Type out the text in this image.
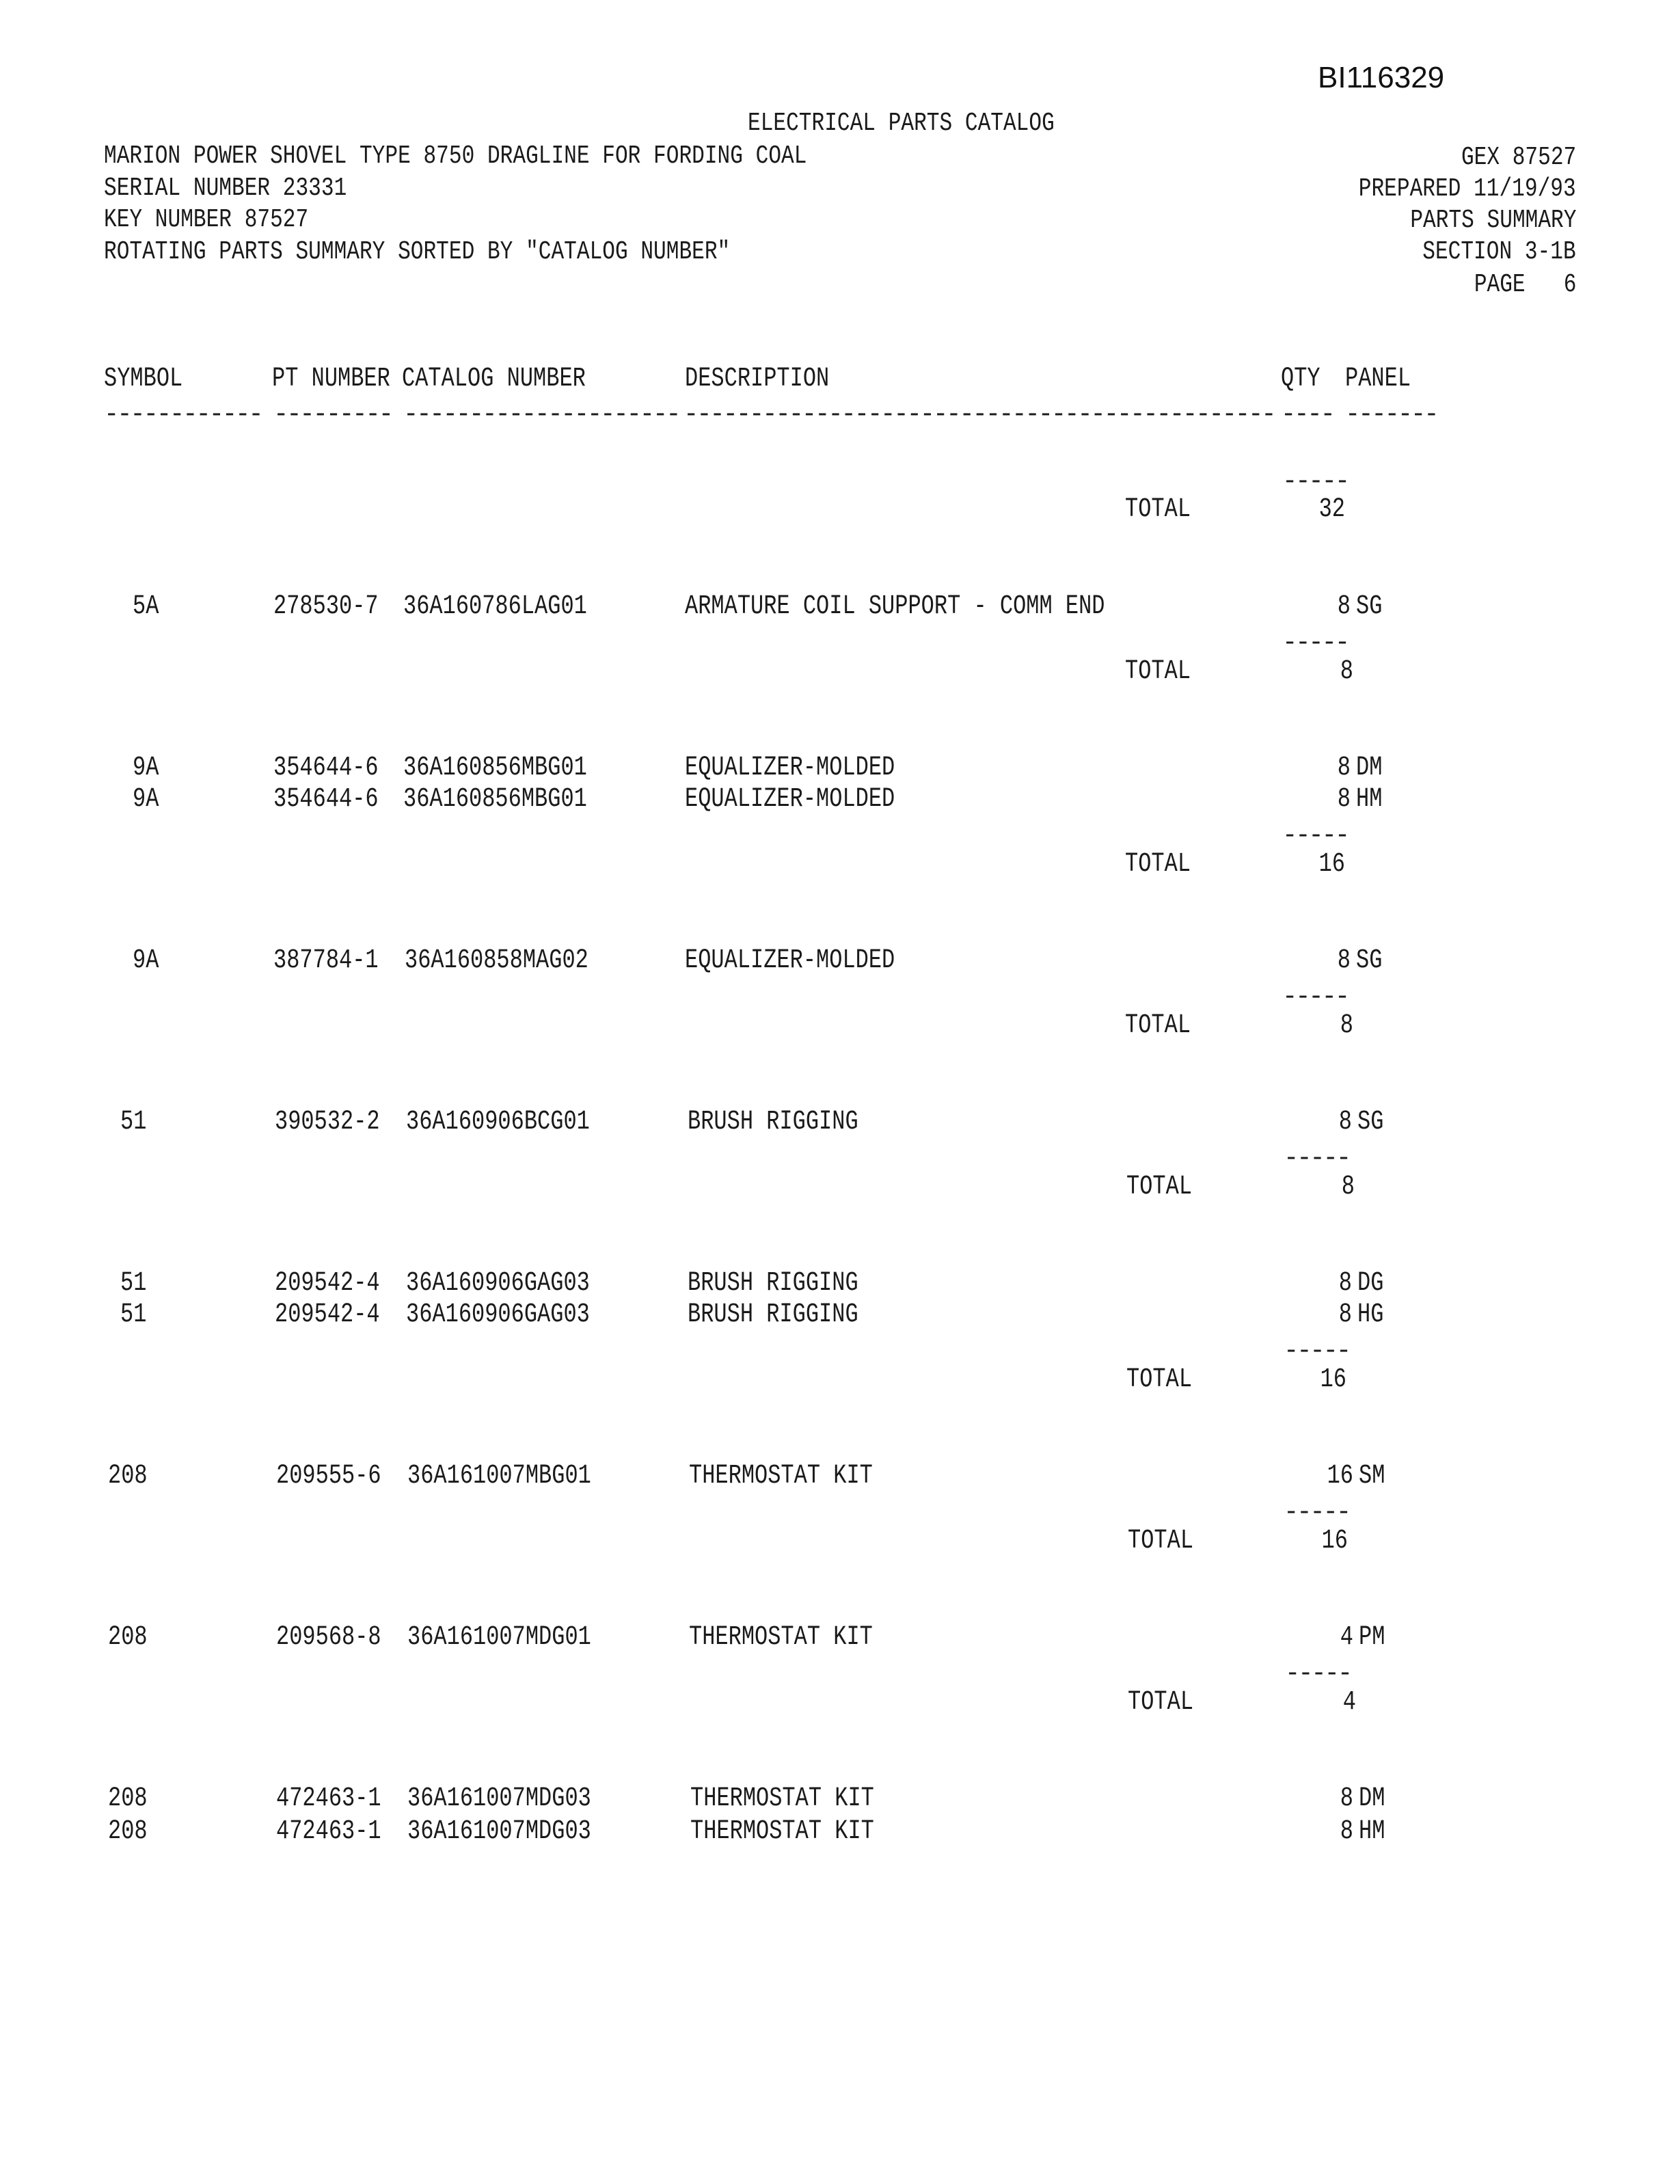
BI116329
ELECTRICAL PARTS CATALOG
MARION POWER SHOVEL TYPE 8750 DRAGLINE FOR FORDING COAL
SERIAL NUMBER 23331
KEY NUMBER 87527
ROTATING PARTS SUMMARY SORTED BY "CATALOG NUMBER"
GEX 87527
PREPARED 11/19/93
PARTS SUMMARY
SECTION 3-1B
PAGE   6
SYMBOL	PT NUMBER CATALOG NUMBER	DESCRIPTION	QTY PANEL
------------ --------- --------------------- --------------------------------------------- ---- -------
-----
TOTAL	32
5A	278530-7 36A160786LAG01	ARMATURE COIL SUPPORT - COMM END	8 SG
-----
TOTAL	8
9A	354644-6 36A160856MBG01	EQUALIZER-MOLDED	8 DM
9A	354644-6 36A160856MBG01	EQUALIZER-MOLDED	8 HM
-----
TOTAL	16
9A	387784-1 36A160858MAG02	EQUALIZER-MOLDED	8 SG
-----
TOTAL	8
51	390532-2 36A160906BCG01	BRUSH RIGGING	8 SG
-----
TOTAL	8
51	209542-4 36A160906GAG03	BRUSH RIGGING	8 DG
51	209542-4 36A160906GAG03	BRUSH RIGGING	8 HG
-----
TOTAL	16
208	209555-6 36A161007MBG01	THERMOSTAT KIT	16 SM
-----
TOTAL	16
208	209568-8 36A161007MDG01	THERMOSTAT KIT	4 PM
-----
TOTAL	4
208	472463-1 36A161007MDG03	THERMOSTAT KIT	8 DM
208	472463-1 36A161007MDG03	THERMOSTAT KIT	8 HM
